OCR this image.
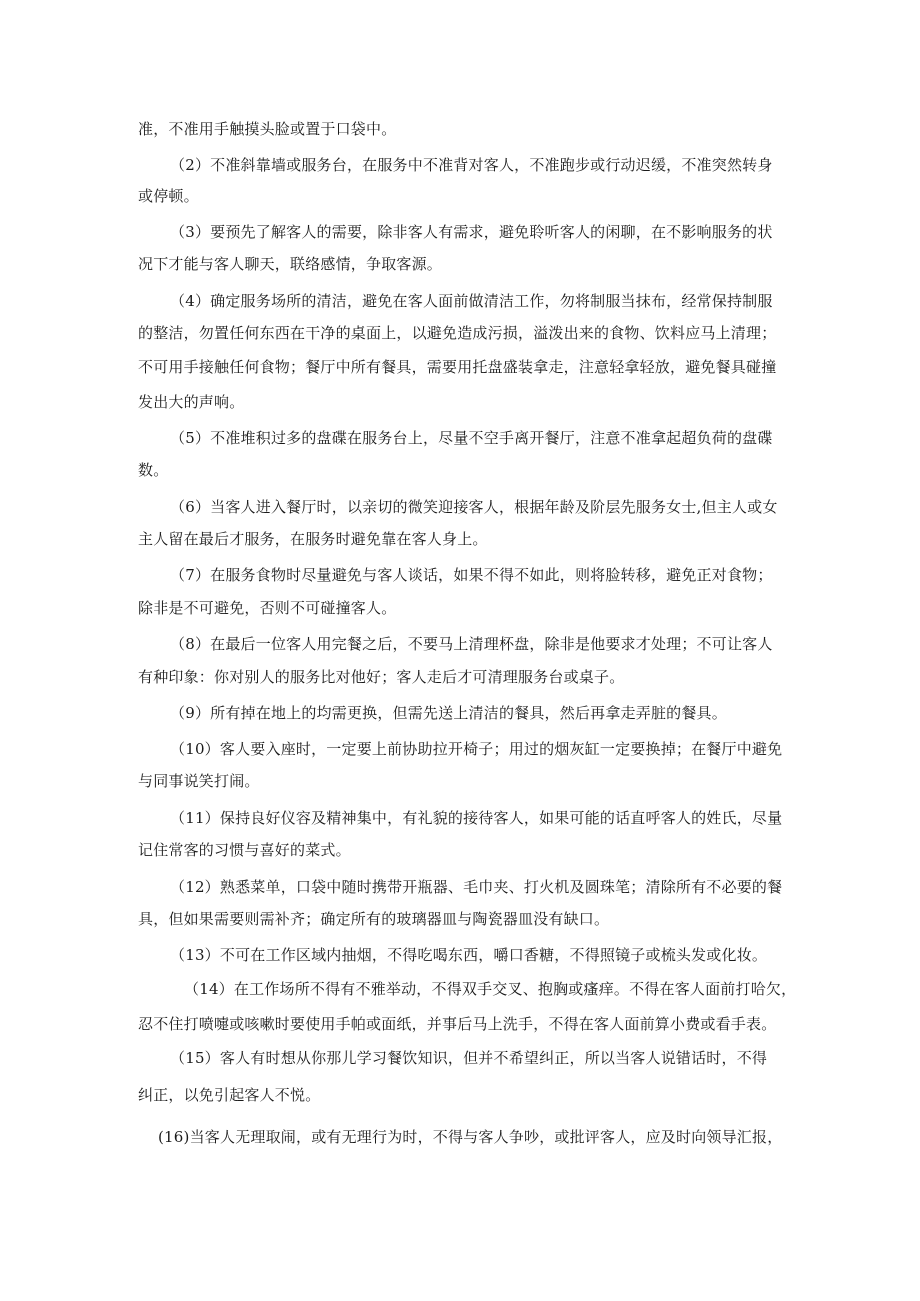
准，不准用手触摸头脸或置于口袋中。
（2）不准斜靠墙或服务台，在服务中不准背对客人，不准跑步或行动迟缓，不准突然转身
或停顿。
（3）要预先了解客人的需要，除非客人有需求，避免聆听客人的闲聊，在不影响服务的状
况下才能与客人聊天，联络感情，争取客源。
（4）确定服务场所的清洁，避免在客人面前做清洁工作，勿将制服当抹布，经常保持制服
的整洁，勿置任何东西在干净的桌面上，以避免造成污损，溢泼出来的食物、饮料应马上清理；
不可用手接触任何食物；餐厅中所有餐具，需要用托盘盛装拿走，注意轻拿轻放，避免餐具碰撞
发出大的声响。
（5）不准堆积过多的盘碟在服务台上，尽量不空手离开餐厅，注意不准拿起超负荷的盘碟
数。
（6）当客人进入餐厅时，以亲切的微笑迎接客人，根据年龄及阶层先服务女士,但主人或女
主人留在最后才服务，在服务时避免靠在客人身上。
（7）在服务食物时尽量避免与客人谈话，如果不得不如此，则将脸转移，避免正对食物；
除非是不可避免，否则不可碰撞客人。
（8）在最后一位客人用完餐之后，不要马上清理杯盘，除非是他要求才处理；不可让客人
有种印象：你对别人的服务比对他好；客人走后才可清理服务台或桌子。
（9）所有掉在地上的均需更换，但需先送上清洁的餐具，然后再拿走弄脏的餐具。
（10）客人要入座时，一定要上前协助拉开椅子；用过的烟灰缸一定要换掉；在餐厅中避免
与同事说笑打闹。
（11）保持良好仪容及精神集中，有礼貌的接待客人，如果可能的话直呼客人的姓氏，尽量
记住常客的习惯与喜好的菜式。
（12）熟悉菜单，口袋中随时携带开瓶器、毛巾夹、打火机及圆珠笔；清除所有不必要的餐
具，但如果需要则需补齐；确定所有的玻璃器皿与陶瓷器皿没有缺口。
（13）不可在工作区域内抽烟，不得吃喝东西，嚼口香糖，不得照镜子或梳头发或化妆。
（14）在工作场所不得有不雅举动，不得双手交叉、抱胸或瘙痒。不得在客人面前打哈欠，
忍不住打喷嚏或咳嗽时要使用手帕或面纸，并事后马上洗手，不得在客人面前算小费或看手表。
（15）客人有时想从你那儿学习餐饮知识，但并不希望纠正，所以当客人说错话时，不得
纠正，以免引起客人不悦。
(16)当客人无理取闹，或有无理行为时，不得与客人争吵，或批评客人，应及时向领导汇报，
